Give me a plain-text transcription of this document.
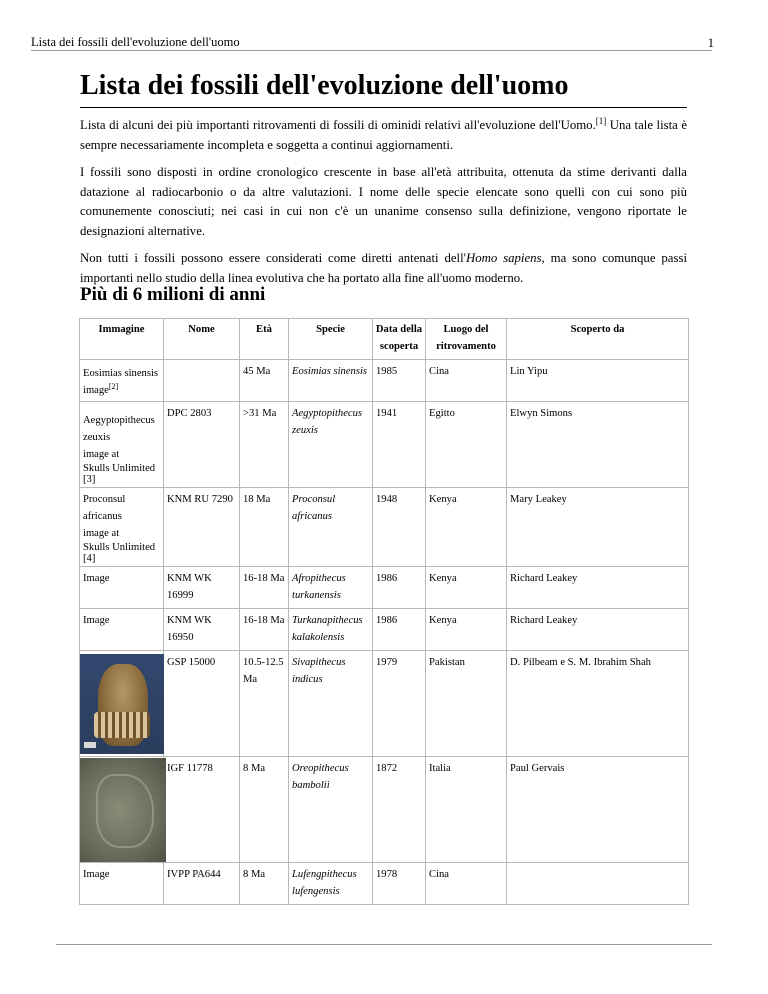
Lista dei fossili dell'evoluzione dell'uomo	1
Lista dei fossili dell'evoluzione dell'uomo

Lista di alcuni dei più importanti ritrovamenti di fossili di ominidi relativi all'evoluzione dell'Uomo.[1] Una tale lista è sempre necessariamente incompleta e soggetta a continui aggiornamenti.

I fossili sono disposti in ordine cronologico crescente in base all'età attribuita, ottenuta da stime derivanti dalla datazione al radiocarbonio o da altre valutazioni. I nome delle specie elencate sono quelli con cui sono più comunemente conosciuti; nei casi in cui non c'è un unanime consenso sulla definizione, vengono riportate le designazioni alternative.

Non tutti i fossili possono essere considerati come diretti antenati dell'Homo sapiens, ma sono comunque passi importanti nello studio della linea evolutiva che ha portato alla fine all'uomo moderno.

Più di 6 milioni di anni
Immagine	Nome	Età	Specie	Data della scoperta	Luogo del ritrovamento	Scoperto da

Eosimias sinensis
image[2]		45 Ma	Eosimias sinensis	1985	Cina	Lin Yipu

Aegyptopithecus zeuxis
image at
Skulls Unlimited
[3]	DPC 2803	>31 Ma	Aegyptopithecus zeuxis	1941	Egitto	Elwyn Simons

Proconsul africanus
image at
Skulls Unlimited
[4]	KNM RU 7290	18 Ma	Proconsul africanus	1948	Kenya	Mary Leakey
Image	KNM WK 16999	16-18 Ma	Afropithecus turkanensis	1986	Kenya	Richard Leakey
Image	KNM WK 16950	16-18 Ma	Turkanapithecus kalakolensis	1986	Kenya	Richard Leakey

	GSP 15000	10.5-12.5 Ma	Sivapithecus indicus	1979	Pakistan	D. Pilbeam e S. M. Ibrahim Shah

	IGF 11778	8 Ma	Oreopithecus bambolii	1872	Italia	Paul Gervais
Image	IVPP PA644	8 Ma	Lufengpithecus lufengensis	1978	Cina	
